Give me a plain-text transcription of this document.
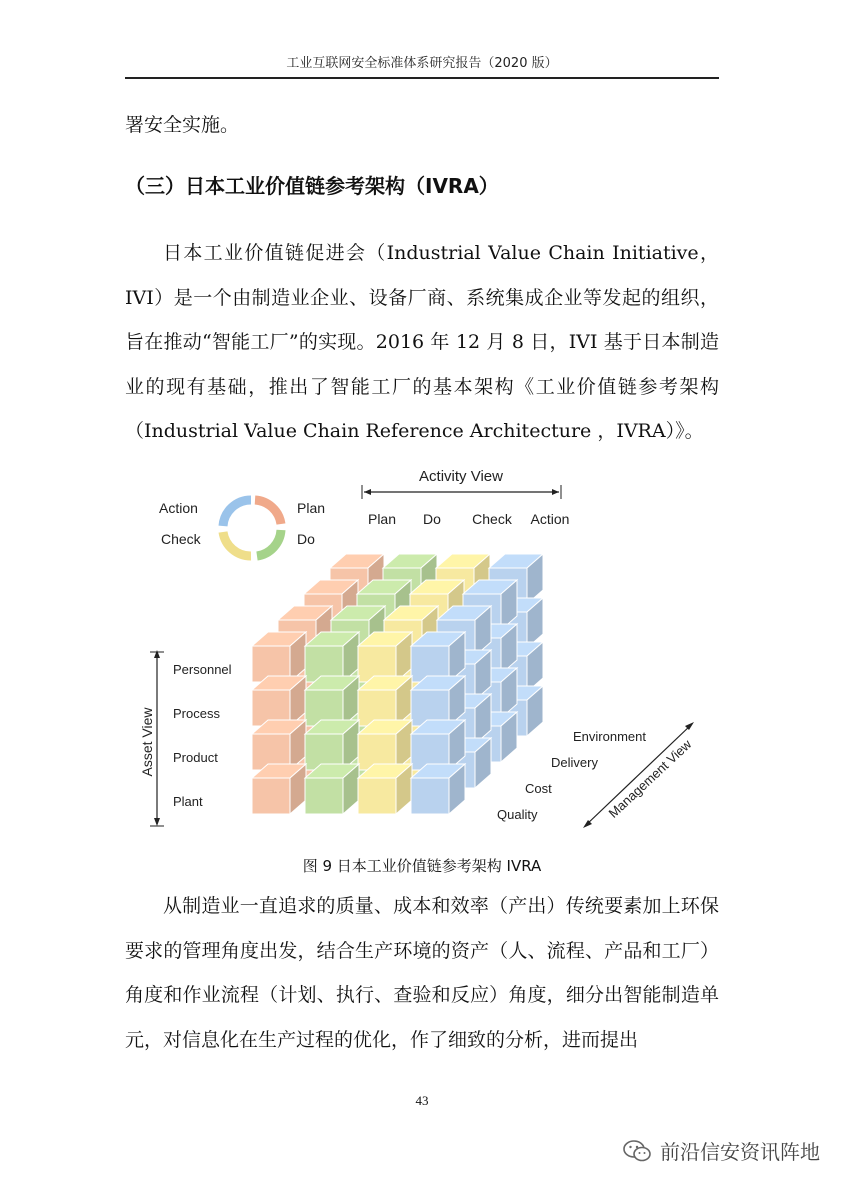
工业互联网安全标准体系研究报告（2020 版）

署安全实施。

（三）日本工业价值链参考架构（IVRA）

日本工业价值链促进会（Industrial Value Chain Initiative，IVI）是一个由制造业企业、设备厂商、系统集成企业等发起的组织，旨在推动“智能工厂”的实现。2016 年 12 月 8 日，IVI 基于日本制造业的现有基础，推出了智能工厂的基本架构《工业价值链参考架构（Industrial Value Chain Reference Architecture ，IVRA）》。

Action	Plan
Check	Do
Activity View
Plan Do Check Action
Asset View
Personnel
Process
Product
Plant
Environment
Delivery
Cost
Quality	Management View
图 9 日本工业价值链参考架构 IVRA

从制造业一直追求的质量、成本和效率（产出）传统要素加上环保要求的管理角度出发，结合生产环境的资产（人、流程、产品和工厂）角度和作业流程（计划、执行、查验和反应）角度，细分出智能制造单元，对信息化在生产过程的优化，作了细致的分析，进而提出

43
前沿信安资讯阵地
